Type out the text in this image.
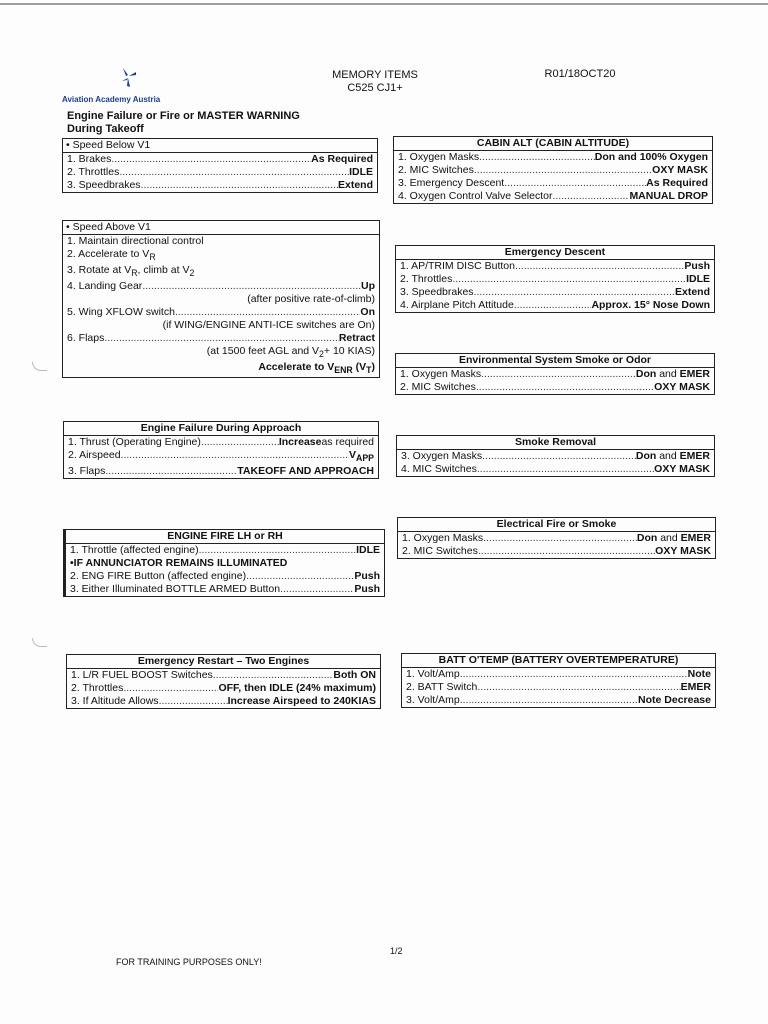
Aviation Academy Austria
MEMORY ITEMS
C525 CJ1+
R01/18OCT20
Engine Failure or Fire or MASTER WARNING
During Takeoff
• Speed Below V1
1. Brakes .....	As Required
2. Throttles .....	IDLE
3. Speedbrakes .....	Extend
• Speed Above V1
1. Maintain directional control
2. Accelerate to $V_R$
3. Rotate at $V_R$, climb at $V_2$
4. Landing Gear .....	Up
(after positive rate-of-climb)
5. Wing XFLOW switch .....	On
(if WING/ENGINE ANTI-ICE switches are On)
6. Flaps .....	Retract
(at 1500 feet AGL and $V_2+ 10$ KIAS)
Accelerate to $V_{ENR}$ $(V_T)$
Engine Failure During Approach
1. Thrust (Operating Engine) .....	Increase as required
2. Airspeed .....	$V_{APP}$
3. Flaps .....	TAKEOFF AND APPROACH
ENGINE FIRE LH or RH
1. Throttle (affected engine) .....	IDLE
•IF ANNUNCIATOR REMAINS ILLUMINATED
2. ENG FIRE Button (affected engine) .....	Push
3. Either Illuminated BOTTLE ARMED Button .....	Push
Emergency Restart – Two Engines
1. L/R FUEL BOOST Switches .....	Both ON
2. Throttles .....	OFF, then IDLE (24% maximum)
3. If Altitude Allows .....	Increase Airspeed to 240KIAS
CABIN ALT (CABIN ALTITUDE)
1. Oxygen Masks .....	Don and 100% Oxygen
2. MIC Switches .....	OXY MASK
3. Emergency Descent .....	As Required
4. Oxygen Control Valve Selector .....	MANUAL DROP
Emergency Descent
1. AP/TRIM DISC Button .....	Push
2. Throttles .....	IDLE
3. Speedbrakes .....	Extend
4. Airplane Pitch Attitude .....	Approx. 15° Nose Down
Environmental System Smoke or Odor
1. Oxygen Masks .....	Don and EMER
2. MIC Switches .....	OXY MASK
Smoke Removal
3. Oxygen Masks .....	Don and EMER
4. MIC Switches .....	OXY MASK
Electrical Fire or Smoke
1. Oxygen Masks .....	Don and EMER
2. MIC Switches .....	OXY MASK
BATT O'TEMP (BATTERY OVERTEMPERATURE)
1. Volt/Amp .....	Note
2. BATT Switch .....	EMER
3. Volt/Amp .....	Note Decrease
1/2
FOR TRAINING PURPOSES ONLY!
